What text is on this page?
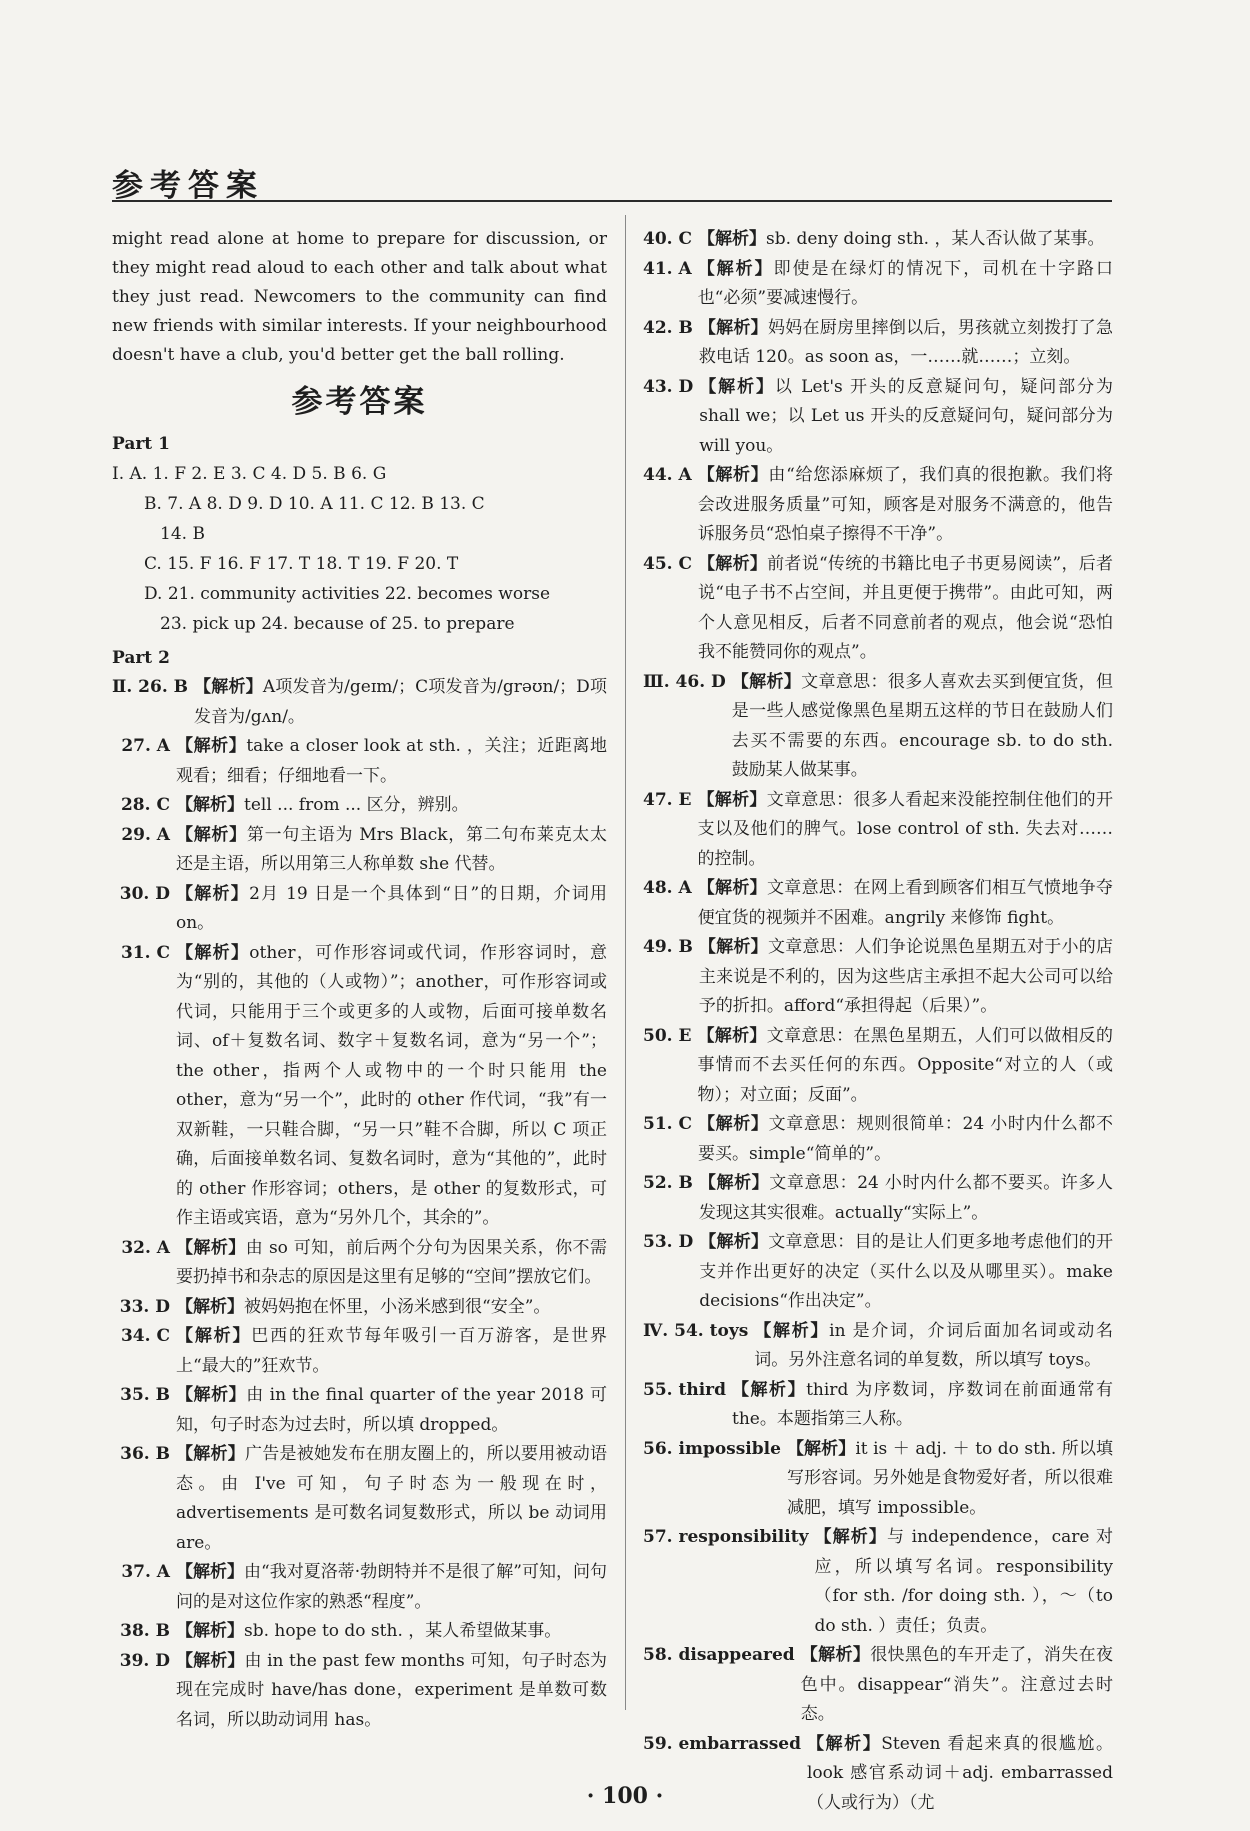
参考答案

might read alone at home to prepare for discussion, or they might read aloud to each other and talk about what they just read. Newcomers to the community can find new friends with similar interests. If your neighbourhood doesn't have a club, you'd better get the ball rolling.

参考答案
Part 1
Ⅰ. A. 1. F 2. E 3. C 4. D 5. B 6. G
B. 7. A 8. D 9. D 10. A 11. C 12. B 13. C
14. B
C. 15. F 16. F 17. T 18. T 19. F 20. T
D. 21. community activities 22. becomes worse
23. pick up 24. because of 25. to prepare
Part 2
Ⅱ. 26. B 【解析】A项发音为/geɪm/；C项发音为/grəʊn/；D项发音为/gʌn/。
27. A 【解析】take a closer look at sth. ，关注；近距离地观看；细看；仔细地看一下。
28. C 【解析】tell ... from ... 区分，辨别。
29. A 【解析】第一句主语为 Mrs Black，第二句布莱克太太还是主语，所以用第三人称单数 she 代替。
30. D 【解析】2月 19 日是一个具体到“日”的日期，介词用 on。
31. C 【解析】other，可作形容词或代词，作形容词时，意为“别的，其他的（人或物）”；another，可作形容词或代词，只能用于三个或更多的人或物，后面可接单数名词、of＋复数名词、数字＋复数名词，意为“另一个”；the other，指两个人或物中的一个时只能用 the other，意为“另一个”，此时的 other 作代词，“我”有一双新鞋，一只鞋合脚，“另一只”鞋不合脚，所以 C 项正确，后面接单数名词、复数名词时，意为“其他的”，此时的 other 作形容词；others，是 other 的复数形式，可作主语或宾语，意为“另外几个，其余的”。
32. A 【解析】由 so 可知，前后两个分句为因果关系，你不需要扔掉书和杂志的原因是这里有足够的“空间”摆放它们。
33. D 【解析】被妈妈抱在怀里，小汤米感到很“安全”。
34. C 【解析】巴西的狂欢节每年吸引一百万游客，是世界上“最大的”狂欢节。
35. B 【解析】由 in the final quarter of the year 2018 可知，句子时态为过去时，所以填 dropped。
36. B 【解析】广告是被她发布在朋友圈上的，所以要用被动语态。由 I've 可知，句子时态为一般现在时，advertisements 是可数名词复数形式，所以 be 动词用 are。
37. A 【解析】由“我对夏洛蒂·勃朗特并不是很了解”可知，问句问的是对这位作家的熟悉“程度”。
38. B 【解析】sb. hope to do sth. ，某人希望做某事。
39. D 【解析】由 in the past few months 可知，句子时态为现在完成时 have/has done，experiment 是单数可数名词，所以助动词用 has。
40. C 【解析】sb. deny doing sth. ，某人否认做了某事。
41. A 【解析】即使是在绿灯的情况下，司机在十字路口也“必须”要减速慢行。
42. B 【解析】妈妈在厨房里摔倒以后，男孩就立刻拨打了急救电话 120。as soon as，一……就……；立刻。
43. D 【解析】以 Let's 开头的反意疑问句，疑问部分为 shall we；以 Let us 开头的反意疑问句，疑问部分为 will you。
44. A 【解析】由“给您添麻烦了，我们真的很抱歉。我们将会改进服务质量”可知，顾客是对服务不满意的，他告诉服务员“恐怕桌子擦得不干净”。
45. C 【解析】前者说“传统的书籍比电子书更易阅读”，后者说“电子书不占空间，并且更便于携带”。由此可知，两个人意见相反，后者不同意前者的观点，他会说“恐怕我不能赞同你的观点”。
Ⅲ. 46. D 【解析】文章意思：很多人喜欢去买到便宜货，但是一些人感觉像黑色星期五这样的节日在鼓励人们去买不需要的东西。encourage sb. to do sth. 鼓励某人做某事。
47. E 【解析】文章意思：很多人看起来没能控制住他们的开支以及他们的脾气。lose control of sth. 失去对……的控制。
48. A 【解析】文章意思：在网上看到顾客们相互气愤地争夺便宜货的视频并不困难。angrily 来修饰 fight。
49. B 【解析】文章意思：人们争论说黑色星期五对于小的店主来说是不利的，因为这些店主承担不起大公司可以给予的折扣。afford“承担得起（后果）”。
50. E 【解析】文章意思：在黑色星期五，人们可以做相反的事情而不去买任何的东西。Opposite“对立的人（或物）；对立面；反面”。
51. C 【解析】文章意思：规则很简单：24 小时内什么都不要买。simple“简单的”。
52. B 【解析】文章意思：24 小时内什么都不要买。许多人发现这其实很难。actually“实际上”。
53. D 【解析】文章意思：目的是让人们更多地考虑他们的开支并作出更好的决定（买什么以及从哪里买）。make decisions“作出决定”。
Ⅳ. 54. toys 【解析】in 是介词，介词后面加名词或动名词。另外注意名词的单复数，所以填写 toys。
55. third 【解析】third 为序数词，序数词在前面通常有 the。本题指第三人称。
56. impossible 【解析】it is ＋ adj. ＋ to do sth. 所以填写形容词。另外她是食物爱好者，所以很难减肥，填写 impossible。
57. responsibility 【解析】与 independence，care 对应，所以填写名词。responsibility（for sth. /for doing sth. ），～（to do sth. ）责任；负责。
58. disappeared 【解析】很快黑色的车开走了，消失在夜色中。disappear“消失”。注意过去时态。
59. embarrassed 【解析】Steven 看起来真的很尴尬。look 感官系动词＋adj. embarrassed（人或行为）（尤
· 100 ·
